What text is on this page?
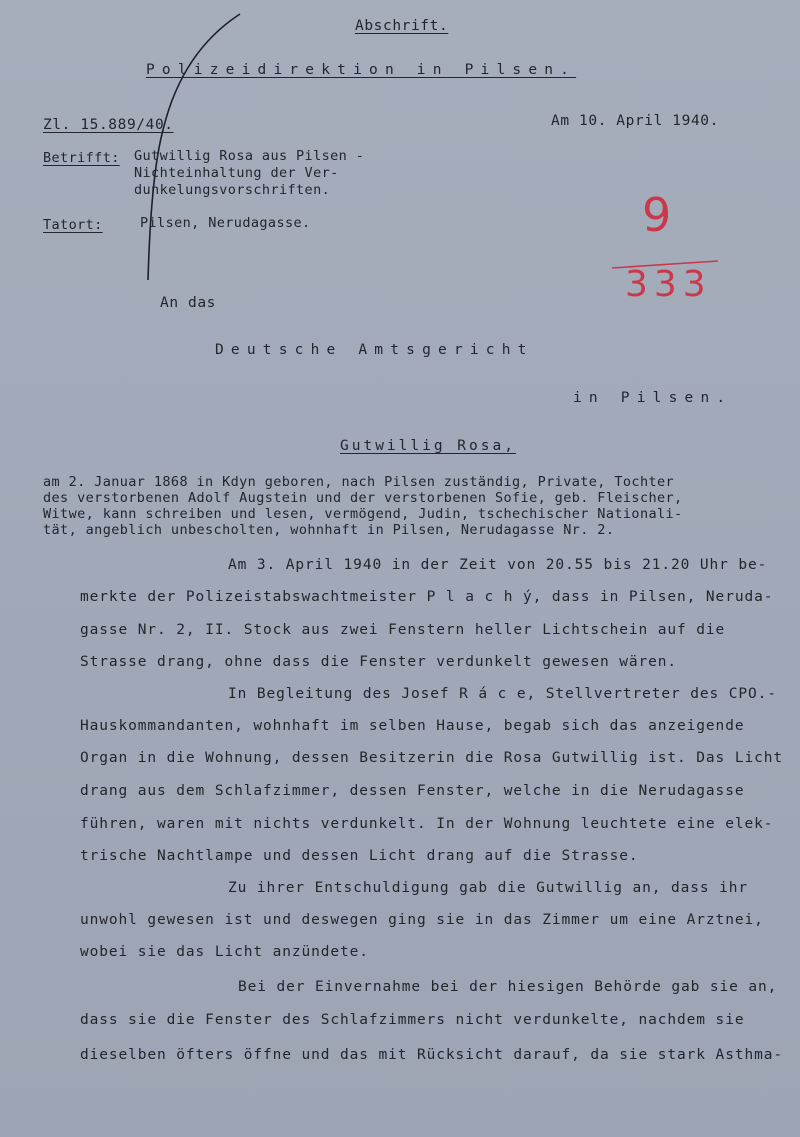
Abschrift.
Polizeidirektion in Pilsen.
Zl. 15.889/40.	Am 10. April 1940.
Betrifft: Gutwillig Rosa aus Pilsen -
Nichteinhaltung der Ver-
dunkelungsvorschriften.
Tatort:	Pilsen, Nerudagasse.	9
333
An das
Deutsche Amtsgericht
in Pilsen.
Gutwillig Rosa,
am 2. Januar 1868 in Kdyn geboren, nach Pilsen zuständig, Private, Tochter
des verstorbenen Adolf Augstein und der verstorbenen Sofie, geb. Fleischer,
Witwe, kann schreiben und lesen, vermögend, Judin, tschechischer Nationali-
tät, angeblich unbescholten, wohnhaft in Pilsen, Nerudagasse Nr. 2.
Am 3. April 1940 in der Zeit von 20.55 bis 21.20 Uhr be-
merkte der Polizeistabswachtmeister P l a c h ý, dass in Pilsen, Neruda-
gasse Nr. 2, II. Stock aus zwei Fenstern heller Lichtschein auf die
Strasse drang, ohne dass die Fenster verdunkelt gewesen wären.
In Begleitung des Josef R á c e, Stellvertreter des CPO.-
Hauskommandanten, wohnhaft im selben Hause, begab sich das anzeigende
Organ in die Wohnung, dessen Besitzerin die Rosa Gutwillig ist. Das Licht
drang aus dem Schlafzimmer, dessen Fenster, welche in die Nerudagasse
führen, waren mit nichts verdunkelt. In der Wohnung leuchtete eine elek-
trische Nachtlampe und dessen Licht drang auf die Strasse.
Zu ihrer Entschuldigung gab die Gutwillig an, dass ihr
unwohl gewesen ist und deswegen ging sie in das Zimmer um eine Arztnei,
wobei sie das Licht anzündete.
Bei der Einvernahme bei der hiesigen Behörde gab sie an,
dass sie die Fenster des Schlafzimmers nicht verdunkelte, nachdem sie
dieselben öfters öffne und das mit Rücksicht darauf, da sie stark Asthma-
